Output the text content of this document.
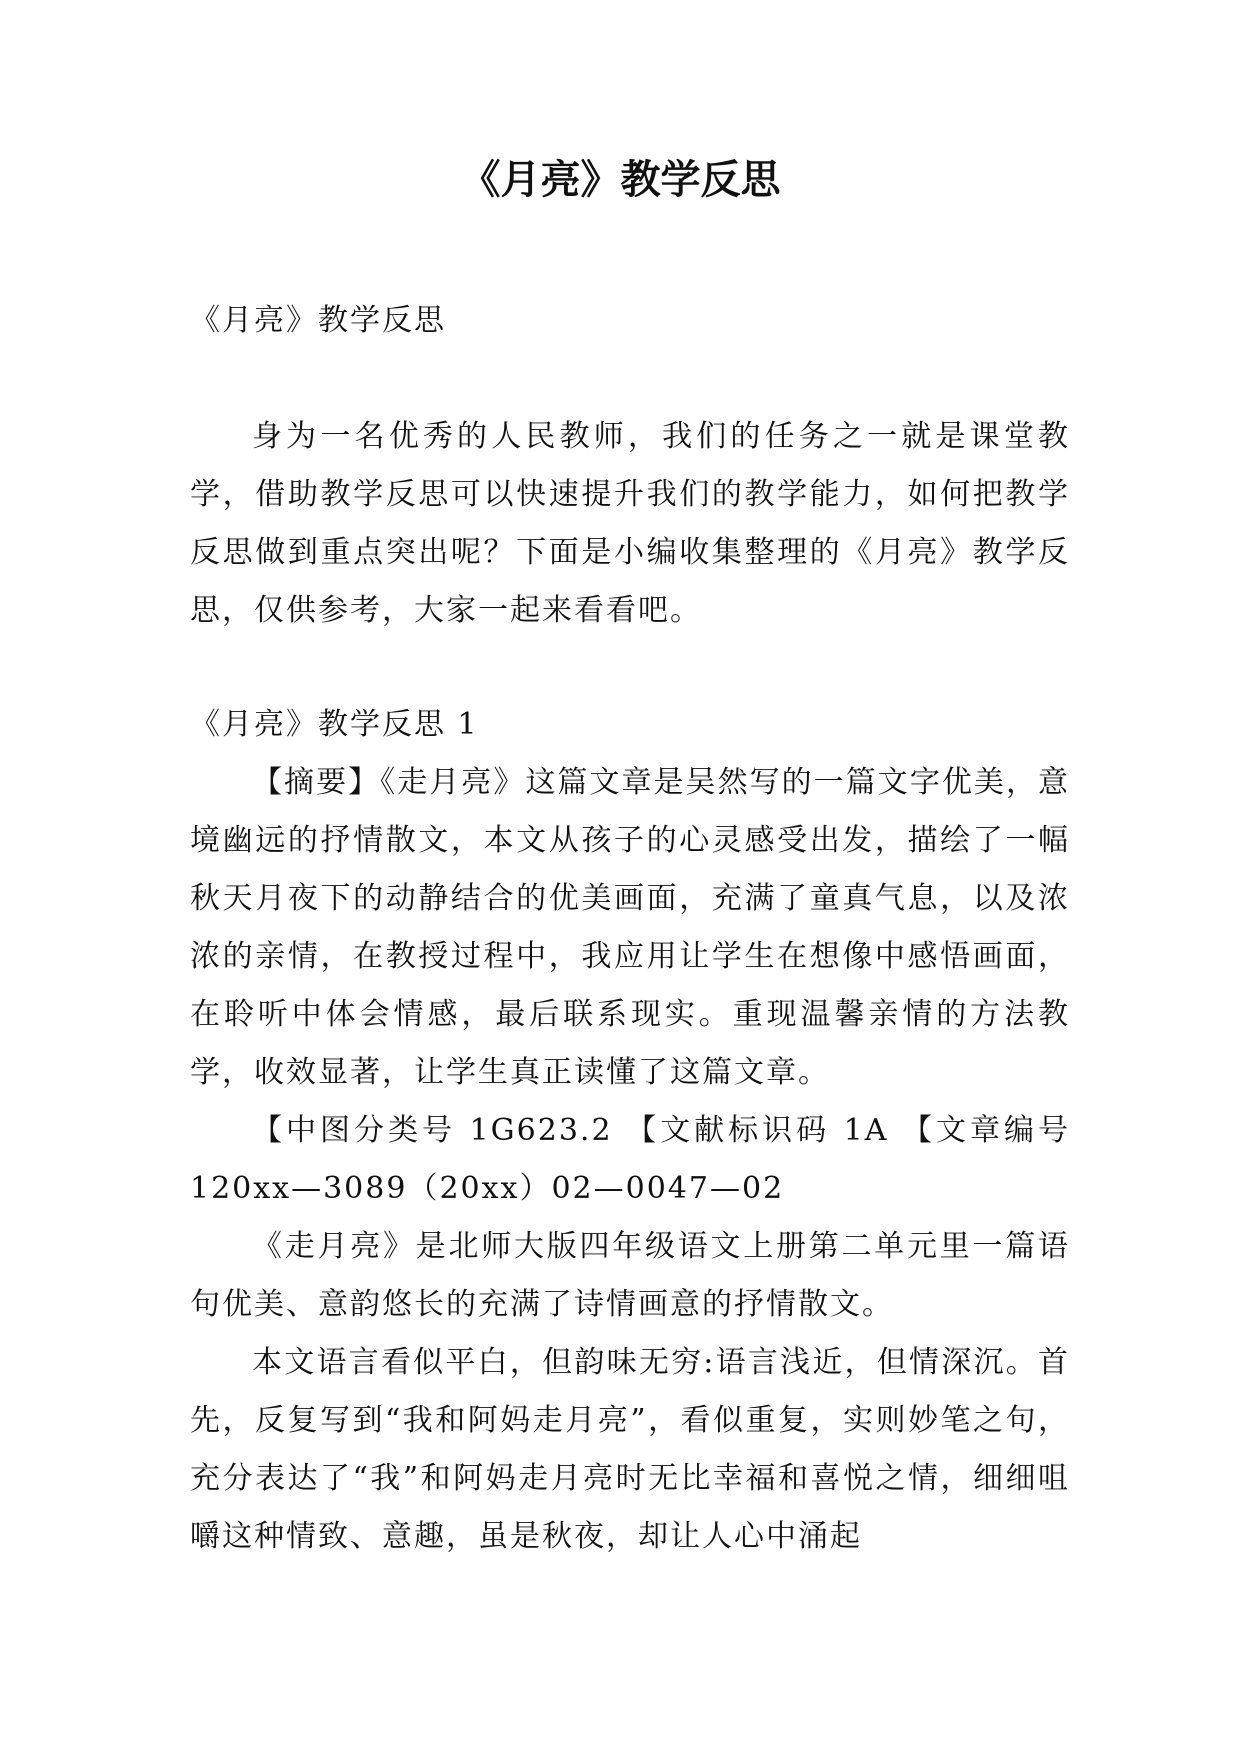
《月亮》教学反思

《月亮》教学反思

身为一名优秀的人民教师，我们的任务之一就是课堂教学，借助教学反思可以快速提升我们的教学能力，如何把教学反思做到重点突出呢？下面是小编收集整理的《月亮》教学反思，仅供参考，大家一起来看看吧。

《月亮》教学反思 1

【摘要】《走月亮》这篇文章是吴然写的一篇文字优美，意境幽远的抒情散文，本文从孩子的心灵感受出发，描绘了一幅秋天月夜下的动静结合的优美画面，充满了童真气息，以及浓浓的亲情，在教授过程中，我应用让学生在想像中感悟画面，在聆听中体会情感，最后联系现实。重现温馨亲情的方法教学，收效显著，让学生真正读懂了这篇文章。

【中图分类号 1G623.2 【文献标识码 1A 【文章编号 120xx—3089（20xx）02—0047—02

《走月亮》是北师大版四年级语文上册第二单元里一篇语句优美、意韵悠长的充满了诗情画意的抒情散文。

本文语言看似平白，但韵味无穷:语言浅近，但情深沉。首先，反复写到“我和阿妈走月亮”，看似重复，实则妙笔之句，充分表达了“我”和阿妈走月亮时无比幸福和喜悦之情，细细咀嚼这种情致、意趣，虽是秋夜，却让人心中涌起
